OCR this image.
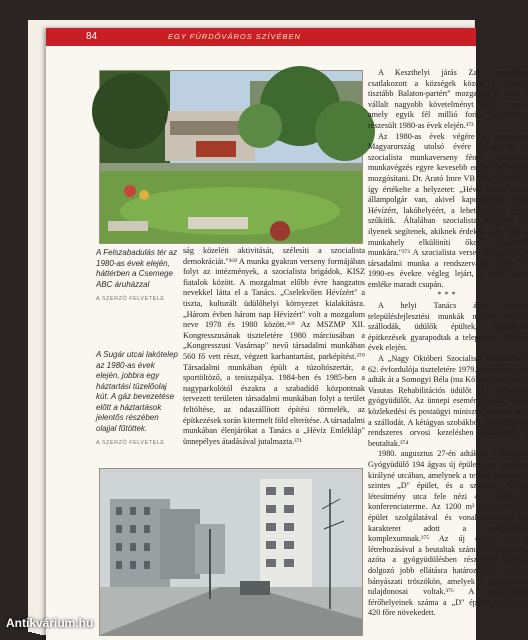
84	EGY FÜRDŐVÁROS SZÍVÉBEN
A Felszabadulás tér az 1980-as évek elején, háttérben a Csemege ABC áruházzal
A SZERZŐ FELVÉTELE
A Sugár utcai lakótelep az 1980-as évek elején, jobbra egy háztartási tüzelőolaj kút. A gáz bevezetése előtt a háztartások jelentős részében olajjal fűtöttek.
A SZERZŐ FELVÉTELE

ság közeléti aktivitását, szélesíti a szocialista demokráciát."³⁶⁸ A munka gyakran verseny formájában folyt az intézmények, a szocialista brigádok, KISZ fiatalok között. A mozgalmat előbb évre hangzatos nevekkel látta el a Tanács. „Cselekvően Hévízért" a tiszta, kulturált üdülőhelyi környezet kialakításra. „Három évben három nap Hévízért" volt a mozgalom neve 1978 és 1980 között.³⁶⁹ Az MSZMP XII. Kongresszusának tiszteletére 1980 márciusában a „Kongresszusi Vasárnap" nevű társadalmi munkában 560 fő vett részt, végzett karbantartást, parképítést.³⁷⁰ Társadalmi munkában épült a túzoltószertár, a sportöltöző, a teniszpálya. 1984-ben és 1985-ben a nagyparkolótól északra a szabadidő központnak tervezett területen társadalmi munkában folyt a terület feltöltése, az odaszállított építési törmelék, az építkezések során kitermelt föld elterítése. A társadalmi munkában élenjárókat a Tanács a „Hévíz Emlékláp" ünnepélyes átadásával jutalmazta.³⁷¹

A Keszthelyi járás Zala megyében csatlakozott a községek között a „Szebb, tisztább Balaton-partért" mozgalom is, ahol a vállalt nagyobb követelményt Hévíz nyerte, amely egyik fél millió forint jutalomban részesült 1980-as évek elején.³⁷²

Az 1980-as évek végére a szocialista Magyarország utolsó évére megkopott a szocialista munkaverseny fénye, társadalmi munkavégzés egyre kevesebb embert lelkesített mozgósítani. Dr. Arató Imre VB titkár 1988-ban így értékelte a helyzetet: „Hévíz kevés olyan állampolgár van, akivel kapcsolatban tenni Hévízért, lakóhelyéért, a lehetőségeket egyre szűkítik. Általában szocialista brigádok és ilyenek segítenek, akiknek érdekük fűzi, vagy a munkahely elkülöníti őket társadalmi munkára."³⁷³ A szocialista versenymozgalom, a társadalmi munka a rendszerváltás idején az 1990-es évekre végleg lejárt, a múlt egyik emléke maradt csupán.

***

A helyi Tanács által végzett településfejlesztési munkák mellett további szállodák, üdülők épültek, számottevő építkezések gyarapodtak a telepen az 1980-as évek elején.

A „Nagy Októberi Szocialista Forradalom" 62. évfordulója tiszteletére 1979. november 2-án adták át a Somogyi Béla (ma Kölcsey) utcában a Vasutas Rehabilitációs üdülőt 112 férőhelyes gyógyüdülőt. Az ünnepi esemény Pullai Árpád közlekedési és postaügyi miniszter nyitotta meg a szállodát. A kétágyas szobákból álló üdülőben rendszeres orvosi kezelésben részesültek a beutaltak.³⁷⁴

1980. augusztus 27-én adták át a Bányász Gyógyüdülő 194 ágyas új épületét, az Erzsébet királyné utcában, amelynek a terveit tervezte, 6 szintes „D" épület, és a szálloda. Az új létesítmény utca fele nézi 400 férőhelyes konferenciaterme. Az 1200 m² alapterületű új épület szolgálatával és vonalvezetésével új karakteret adott a gyógyüdülő komplexumnak.³⁷⁵ Az új épület egység létrehozásával a beutaltak száma is megnövelt, azóta a gyógyüdülésben részesülő bányász dolgozó jobb ellátásra határozták el azok a bányászati tröszökön, amelyek a gyógyüdülő tulajdonosai voltak.³⁷⁶ A gyógyüdülő férőhelyeinek száma a „D" épület átadásával 420 főre növekedett.

Antikvárium.hu
